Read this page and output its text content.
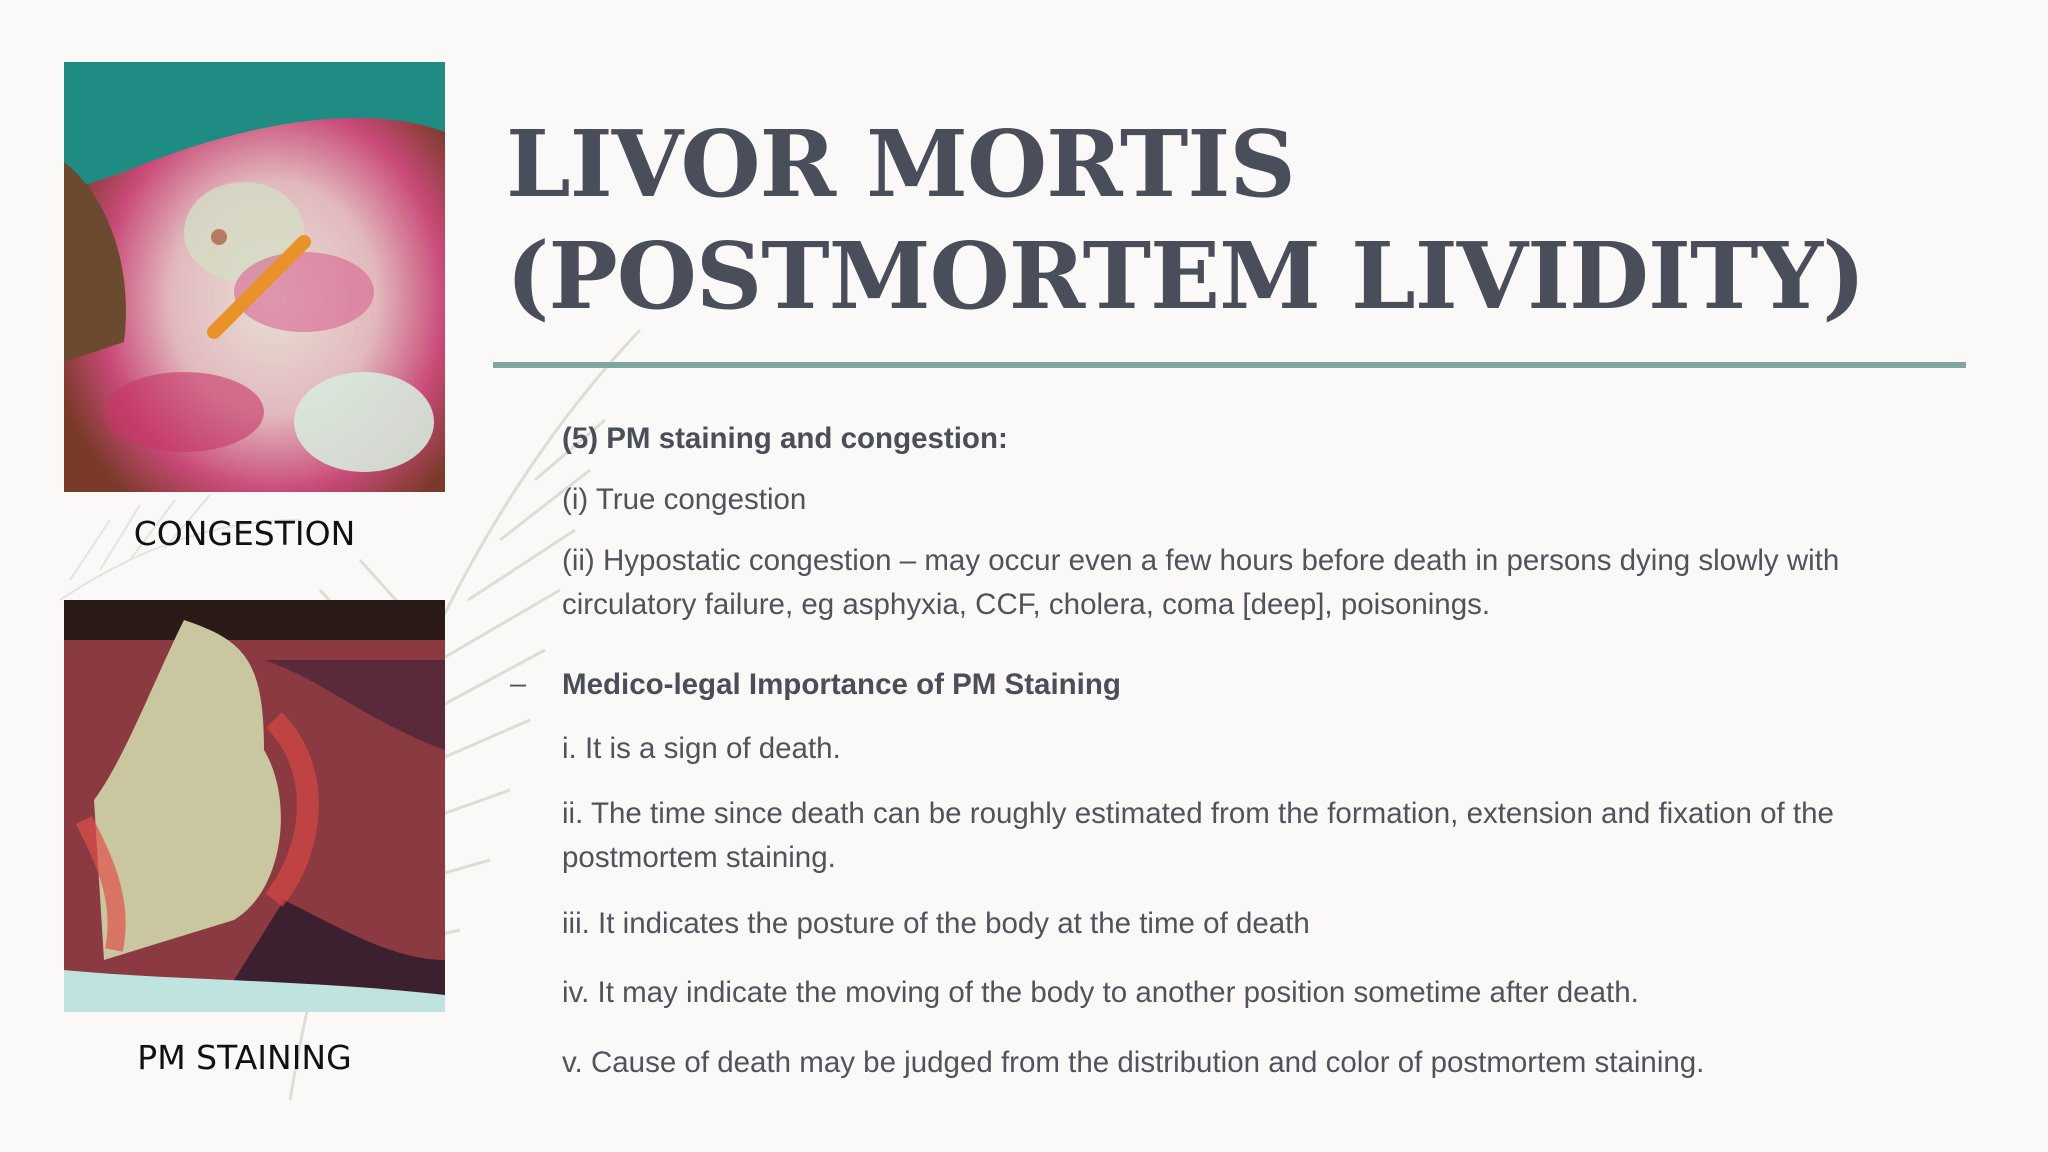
CONGESTION
PM STAINING
LIVOR MORTIS
(POSTMORTEM LIVIDITY)

(5) PM staining and congestion:

(i) True congestion

(ii) Hypostatic congestion – may occur even a few hours before death in persons dying slowly with circulatory failure, eg asphyxia, CCF, cholera, coma [deep], poisonings.

– Medico-legal Importance of PM Staining

i. It is a sign of death.

ii. The time since death can be roughly estimated from the formation, extension and fixation of the postmortem staining.

iii. It indicates the posture of the body at the time of death

iv. It may indicate the moving of the body to another position sometime after death.

v. Cause of death may be judged from the distribution and color of postmortem staining.
